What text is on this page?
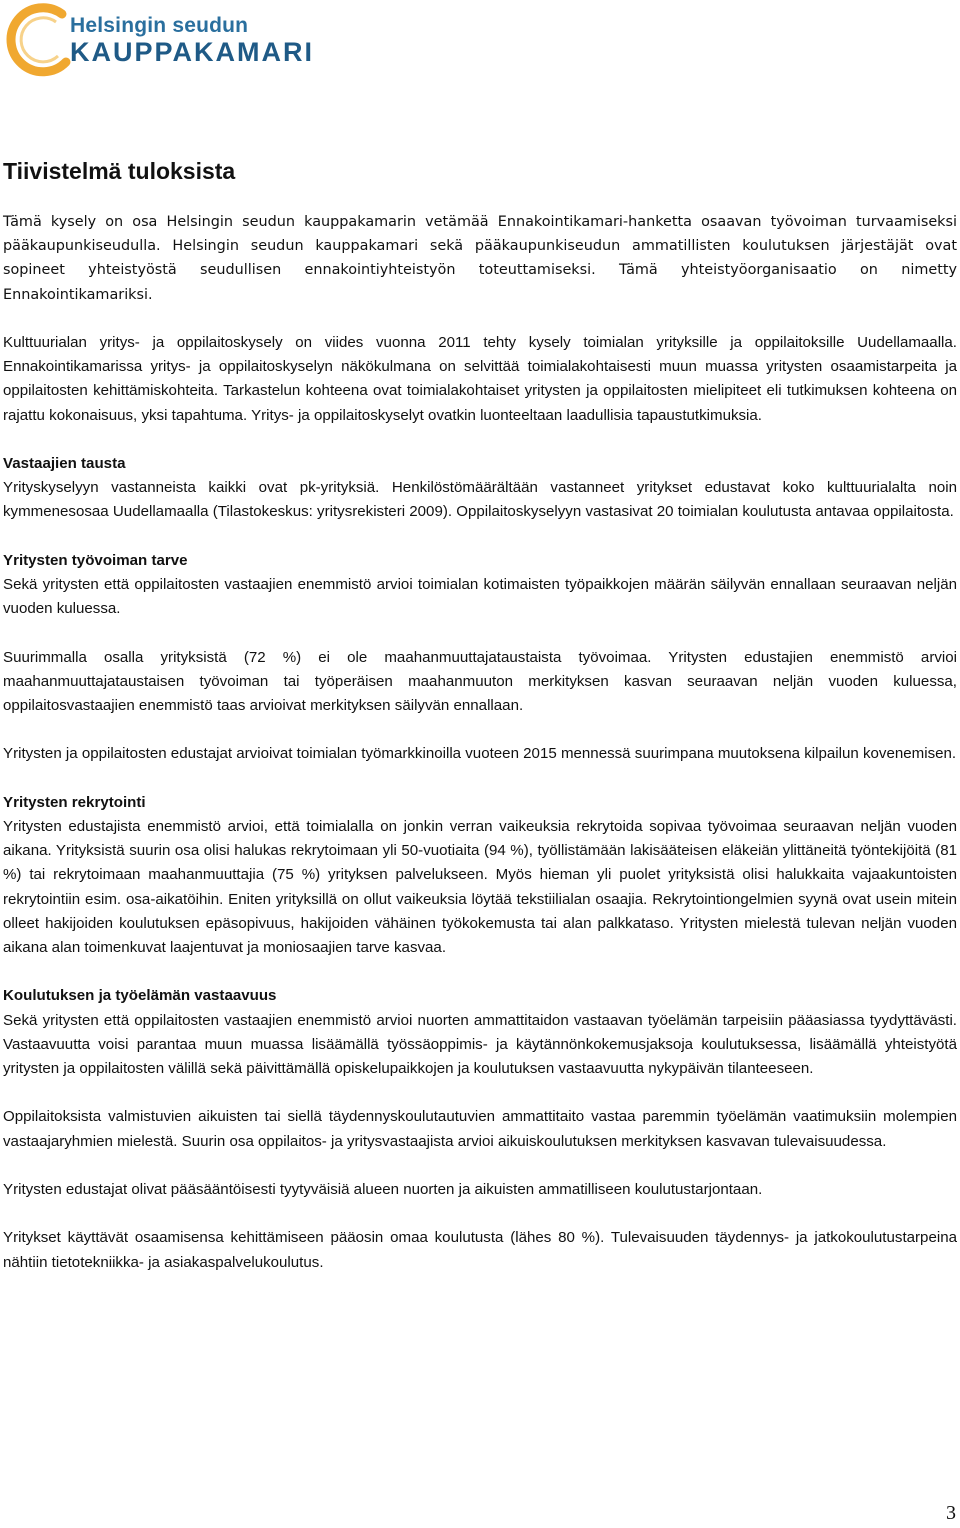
Helsingin seudun
KAUPPAKAMARI
Tiivistelmä tuloksista

Tämä kysely on osa Helsingin seudun kauppakamarin vetämää Ennakointikamari-hanketta osaavan työvoiman turvaamiseksi pääkaupunkiseudulla. Helsingin seudun kauppakamari sekä pääkaupunkiseudun ammatillisten koulutuksen järjestäjät ovat sopineet yhteistyöstä seudullisen ennakointiyhteistyön toteuttamiseksi. Tämä yhteistyöorganisaatio on nimetty Ennakointikamariksi.

Kulttuurialan yritys- ja oppilaitoskysely on viides vuonna 2011 tehty kysely toimialan yrityksille ja oppilaitoksille Uudellamaalla. Ennakointikamarissa yritys- ja oppilaitoskyselyn näkökulmana on selvittää toimialakohtaisesti muun muassa yritysten osaamistarpeita ja oppilaitosten kehittämiskohteita. Tarkastelun kohteena ovat toimialakohtaiset yritysten ja oppilaitosten mielipiteet eli tutkimuksen kohteena on rajattu kokonaisuus, yksi tapahtuma. Yritys- ja oppilaitoskyselyt ovatkin luonteeltaan laadullisia tapaustutkimuksia.

Vastaajien tausta

Yrityskyselyyn vastanneista kaikki ovat pk-yrityksiä. Henkilöstömäärältään vastanneet yritykset edustavat koko kulttuurialalta noin kymmenesosaa Uudellamaalla (Tilastokeskus: yritysrekisteri 2009). Oppilaitoskyselyyn vastasivat 20 toimialan koulutusta antavaa oppilaitosta.

Yritysten työvoiman tarve

Sekä yritysten että oppilaitosten vastaajien enemmistö arvioi toimialan kotimaisten työpaikkojen määrän säilyvän ennallaan seuraavan neljän vuoden kuluessa.

Suurimmalla osalla yrityksistä (72 %) ei ole maahanmuuttajataustaista työvoimaa. Yritysten edustajien enemmistö arvioi maahanmuuttajataustaisen työvoiman tai työperäisen maahanmuuton merkityksen kasvan seuraavan neljän vuoden kuluessa, oppilaitosvastaajien enemmistö taas arvioivat merkityksen säilyvän ennallaan.

Yritysten ja oppilaitosten edustajat arvioivat toimialan työmarkkinoilla vuoteen 2015 mennessä suurimpana muutoksena kilpailun kovenemisen.

Yritysten rekrytointi

Yritysten edustajista enemmistö arvioi, että toimialalla on jonkin verran vaikeuksia rekrytoida sopivaa työvoimaa seuraavan neljän vuoden aikana. Yrityksistä suurin osa olisi halukas rekrytoimaan yli 50-vuotiaita (94 %), työllistämään lakisääteisen eläkeiän ylittäneitä työntekijöitä (81 %) tai rekrytoimaan maahanmuuttajia (75 %) yrityksen palvelukseen. Myös hieman yli puolet yrityksistä olisi halukkaita vajaakuntoisten rekrytointiin esim. osa-aikatöihin. Eniten yrityksillä on ollut vaikeuksia löytää tekstiilialan osaajia. Rekrytointiongelmien syynä ovat usein mitein olleet hakijoiden koulutuksen epäsopivuus, hakijoiden vähäinen työkokemusta tai alan palkkataso. Yritysten mielestä tulevan neljän vuoden aikana alan toimenkuvat laajentuvat ja moniosaajien tarve kasvaa.

Koulutuksen ja työelämän vastaavuus

Sekä yritysten että oppilaitosten vastaajien enemmistö arvioi nuorten ammattitaidon vastaavan työelämän tarpeisiin pääasiassa tyydyttävästi. Vastaavuutta voisi parantaa muun muassa lisäämällä työssäoppimis- ja käytännönkokemusjaksoja koulutuksessa, lisäämällä yhteistyötä yritysten ja oppilaitosten välillä sekä päivittämällä opiskelupaikkojen ja koulutuksen vastaavuutta nykypäivän tilanteeseen.

Oppilaitoksista valmistuvien aikuisten tai siellä täydennyskoulutautuvien ammattitaito vastaa paremmin työelämän vaatimuksiin molempien vastaajaryhmien mielestä. Suurin osa oppilaitos- ja yritysvastaajista arvioi aikuiskoulutuksen merkityksen kasvavan tulevaisuudessa.

Yritysten edustajat olivat pääsääntöisesti tyytyväisiä alueen nuorten ja aikuisten ammatilliseen koulutustarjontaan.

Yritykset käyttävät osaamisensa kehittämiseen pääosin omaa koulutusta (lähes 80 %). Tulevaisuuden täydennys- ja jatkokoulutustarpeina nähtiin tietotekniikka- ja asiakaspalvelukoulutus.

3
